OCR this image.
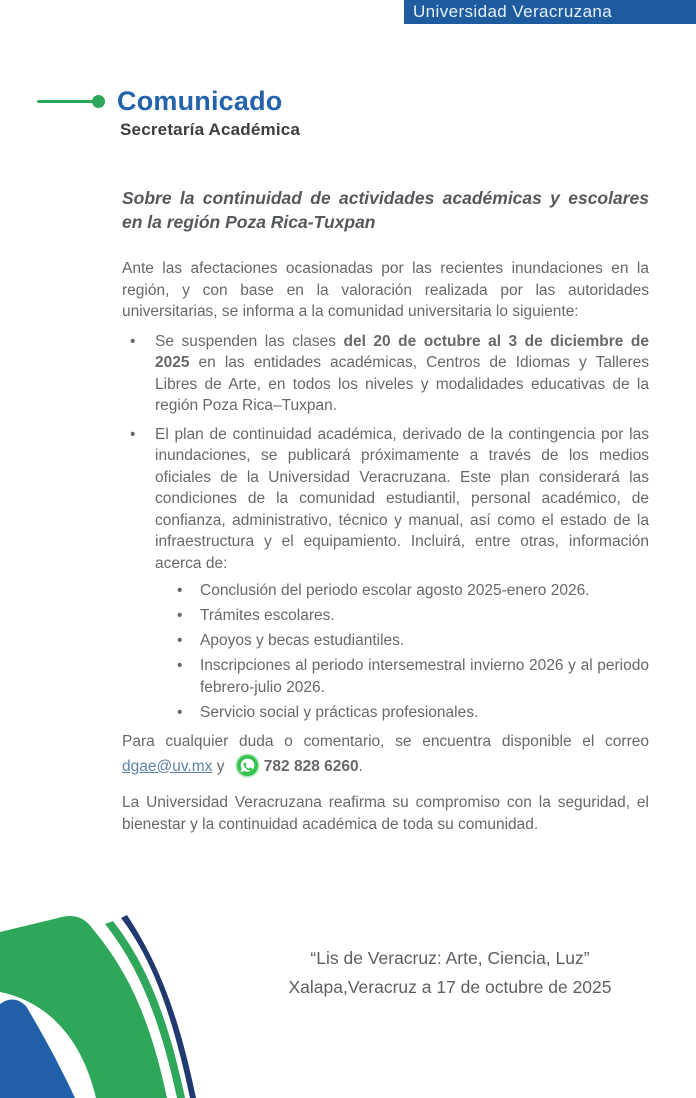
Universidad Veracruzana
Comunicado
Secretaría Académica

Sobre la continuidad de actividades académicas y escolares en la región Poza Rica-Tuxpan

Ante las afectaciones ocasionadas por las recientes inundaciones en la región, y con base en la valoración realizada por las autoridades universitarias, se informa a la comunidad universitaria lo siguiente:

• Se suspenden las clases del 20 de octubre al 3 de diciembre de 2025 en las entidades académicas, Centros de Idiomas y Talleres Libres de Arte, en todos los niveles y modalidades educativas de la región Poza Rica–Tuxpan.
• El plan de continuidad académica, derivado de la contingencia por las inundaciones, se publicará próximamente a través de los medios oficiales de la Universidad Veracruzana. Este plan considerará las condiciones de la comunidad estudiantil, personal académico, de confianza, administrativo, técnico y manual, así como el estado de la infraestructura y el equipamiento. Incluirá, entre otras, información acerca de:
• Conclusión del periodo escolar agosto 2025-enero 2026.
• Trámites escolares.
• Apoyos y becas estudiantiles.
• Inscripciones al periodo intersemestral invierno 2026 y al periodo febrero-julio 2026.
• Servicio social y prácticas profesionales.

Para cualquier duda o comentario, se encuentra disponible el correo dgae@uv.mx y 782 828 6260.

La Universidad Veracruzana reafirma su compromiso con la seguridad, el bienestar y la continuidad académica de toda su comunidad.

“Lis de Veracruz: Arte, Ciencia, Luz”
Xalapa,Veracruz a 17 de octubre de 2025
